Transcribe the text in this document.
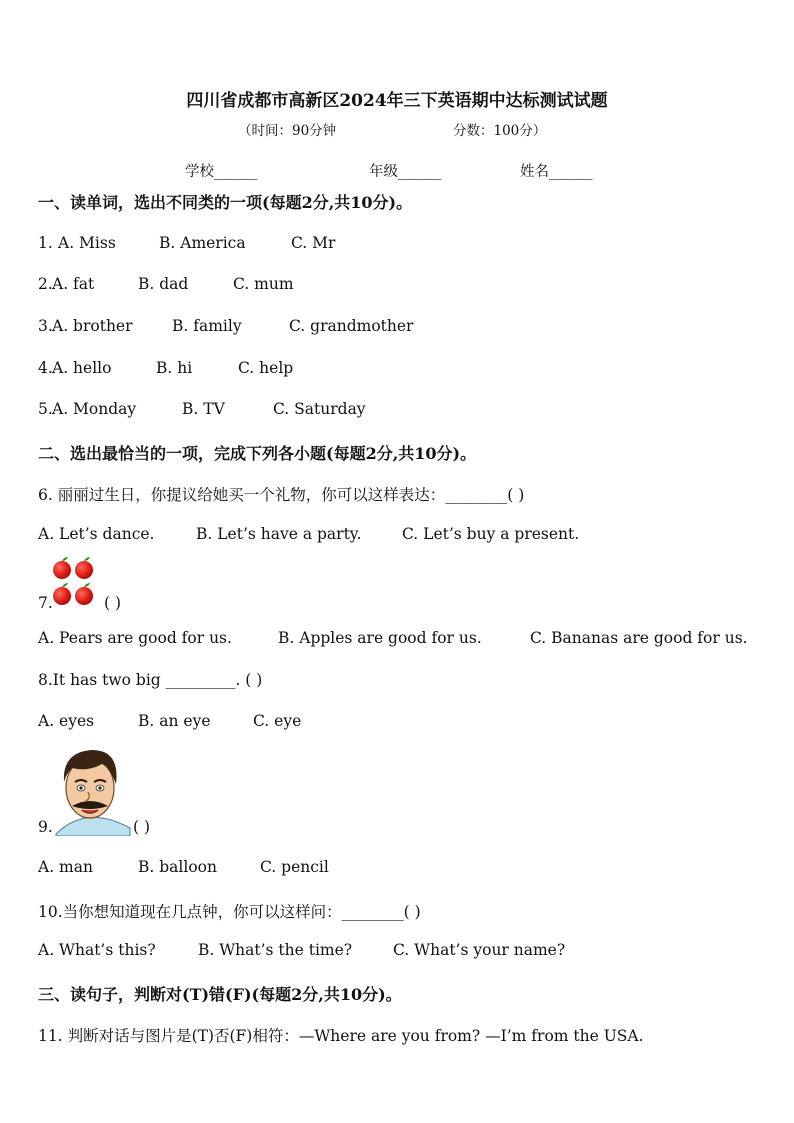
四川省成都市高新区2024年三下英语期中达标测试试题
（时间：90分钟	分数：100分）
学校______	年级______	姓名______
一、读单词，选出不同类的一项(每题2分,共10分)。
1. A. Miss	B. America	C. Mr
2. A. fat	B. dad	C. mum
3. A. brother	B. family	C. grandmother
4. A. hello	B. hi	C. help
5. A. Monday	B. TV	C. Saturday
二、选出最恰当的一项，完成下列各小题(每题2分,共10分)。
6. 丽丽过生日，你提议给她买一个礼物，你可以这样表达：________( )
A. Let’s dance.	B. Let’s have a party.	C. Let’s buy a present.
7.	( )
A. Pears are good for us.	B. Apples are good for us.	C. Bananas are good for us.
8.It has two big _________. ( )
A. eyes	B. an eye	C. eye
9.	( )
A. man	B. balloon	C. pencil
10.当你想知道现在几点钟，你可以这样问：________( )
A. What’s this?	B. What’s the time?	C. What’s your name?
三、读句子，判断对(T)错(F)(每题2分,共10分)。
11. 判断对话与图片是(T)否(F)相符：—Where are you from? —I’m from the USA.
